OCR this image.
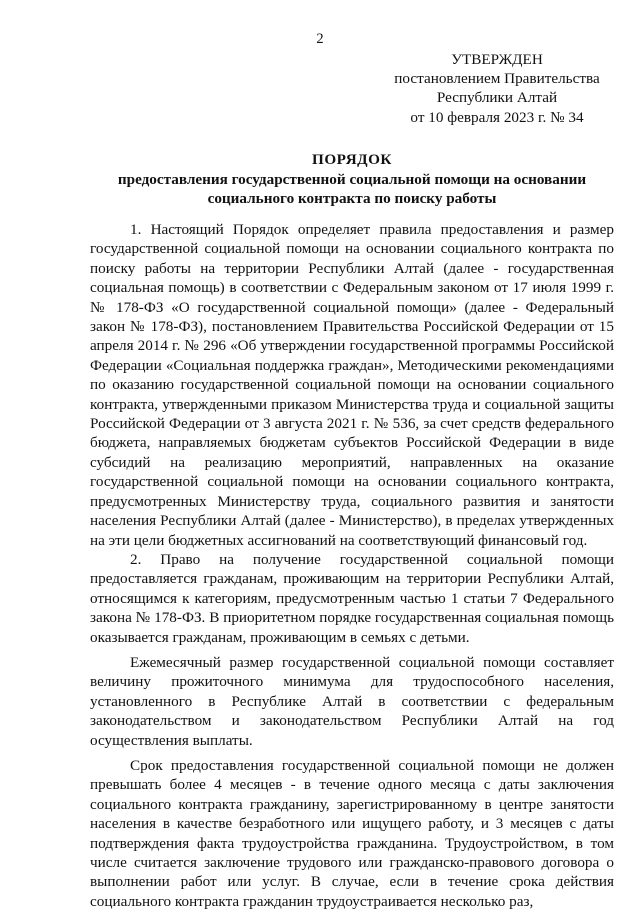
2
УТВЕРЖДЕН
постановлением Правительства
Республики Алтай
от 10 февраля 2023 г. № 34
ПОРЯДОК
предоставления государственной социальной помощи на основании социального контракта по поиску работы

1. Настоящий Порядок определяет правила предоставления и размер государственной социальной помощи на основании социального контракта по поиску работы на территории Республики Алтай (далее - государственная социальная помощь) в соответствии с Федеральным законом от 17 июля 1999 г. № 178-ФЗ «О государственной социальной помощи» (далее - Федеральный закон № 178-ФЗ), постановлением Правительства Российской Федерации от 15 апреля 2014 г. № 296 «Об утверждении государственной программы Российской Федерации «Социальная поддержка граждан», Методическими рекомендациями по оказанию государственной социальной помощи на основании социального контракта, утвержденными приказом Министерства труда и социальной защиты Российской Федерации от 3 августа 2021 г. № 536, за счет средств федерального бюджета, направляемых бюджетам субъектов Российской Федерации в виде субсидий на реализацию мероприятий, направленных на оказание государственной социальной помощи на основании социального контракта, предусмотренных Министерству труда, социального развития и занятости населения Республики Алтай (далее - Министерство), в пределах утвержденных на эти цели бюджетных ассигнований на соответствующий финансовый год.

2. Право на получение государственной социальной помощи предоставляется гражданам, проживающим на территории Республики Алтай, относящимся к категориям, предусмотренным частью 1 статьи 7 Федерального закона № 178-ФЗ. В приоритетном порядке государственная социальная помощь оказывается гражданам, проживающим в семьях с детьми.

Ежемесячный размер государственной социальной помощи составляет величину прожиточного минимума для трудоспособного населения, установленного в Республике Алтай в соответствии с федеральным законодательством и законодательством Республики Алтай на год осуществления выплаты.

Срок предоставления государственной социальной помощи не должен превышать более 4 месяцев - в течение одного месяца с даты заключения социального контракта гражданину, зарегистрированному в центре занятости населения в качестве безработного или ищущего работу, и 3 месяцев с даты подтверждения факта трудоустройства гражданина. Трудоустройством, в том числе считается заключение трудового или гражданско-правового договора о выполнении работ или услуг. В случае, если в течение срока действия социального контракта гражданин трудоустраивается несколько раз,
